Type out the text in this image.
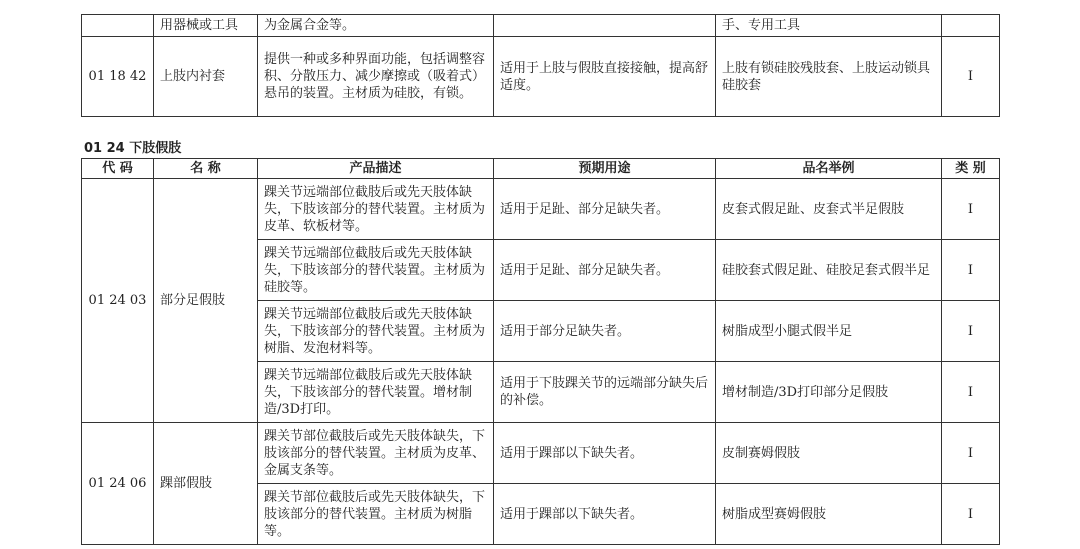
	用器械或工具	为金属合金等。		手、专用工具	
01 18 42	上肢内衬套	提供一种或多种界面功能，包括调整容积、分散压力、减少摩擦或（吸着式）悬吊的装置。主材质为硅胶，有锁。	适用于上肢与假肢直接接触，提高舒适度。	上肢有锁硅胶残肢套、上肢运动锁具硅胶套	Ⅰ
01 24 下肢假肢
代 码	名 称	产品描述	预期用途	品名举例	类 别
01 24 03	部分足假肢	踝关节远端部位截肢后或先天肢体缺失，下肢该部分的替代装置。主材质为皮革、软板材等。	适用于足趾、部分足缺失者。	皮套式假足趾、皮套式半足假肢	Ⅰ
		踝关节远端部位截肢后或先天肢体缺失，下肢该部分的替代装置。主材质为硅胶等。	适用于足趾、部分足缺失者。	硅胶套式假足趾、硅胶足套式假半足	Ⅰ
		踝关节远端部位截肢后或先天肢体缺失，下肢该部分的替代装置。主材质为树脂、发泡材料等。	适用于部分足缺失者。	树脂成型小腿式假半足	Ⅰ
		踝关节远端部位截肢后或先天肢体缺失，下肢该部分的替代装置。增材制造/3D打印。	适用于下肢踝关节的远端部分缺失后的补偿。	增材制造/3D打印部分足假肢	Ⅰ
01 24 06	踝部假肢	踝关节部位截肢后或先天肢体缺失，下肢该部分的替代装置。主材质为皮革、金属支条等。	适用于踝部以下缺失者。	皮制赛姆假肢	Ⅰ
		踝关节部位截肢后或先天肢体缺失，下肢该部分的替代装置。主材质为树脂等。	适用于踝部以下缺失者。	树脂成型赛姆假肢	Ⅰ
